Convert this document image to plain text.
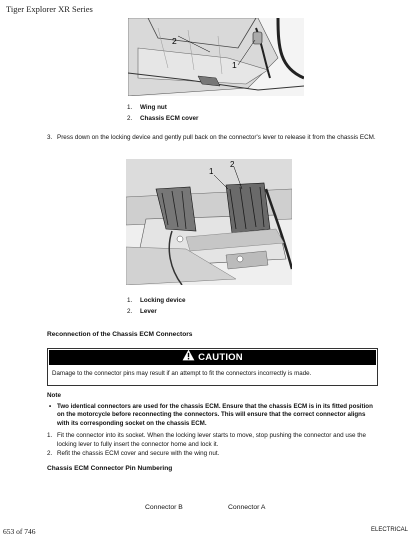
Tiger Explorer XR Series
2
1
1. Wing nut
2. Chassis ECM cover
3. Press down on the locking device and gently pull back on the connector's lever to release it from the chassis ECM.
1
2
1. Locking device
2. Lever
Reconnection of the Chassis ECM Connectors
CAUTION
Damage to the connector pins may result if an attempt to fit the connectors incorrectly is made.
Note
• Two identical connectors are used for the chassis ECM. Ensure that the chassis ECM is in its fitted position on the motorcycle before reconnecting the connectors. This will ensure that the correct connector aligns with its corresponding socket on the chassis ECM.
1. Fit the connector into its socket. When the locking lever starts to move, stop pushing the connector and use the locking lever to fully insert the connector home and lock it.
2. Refit the chassis ECM cover and secure with the wing nut.
Chassis ECM Connector Pin Numbering
Connector B	Connector A
653 of 746	ELECTRICAL
